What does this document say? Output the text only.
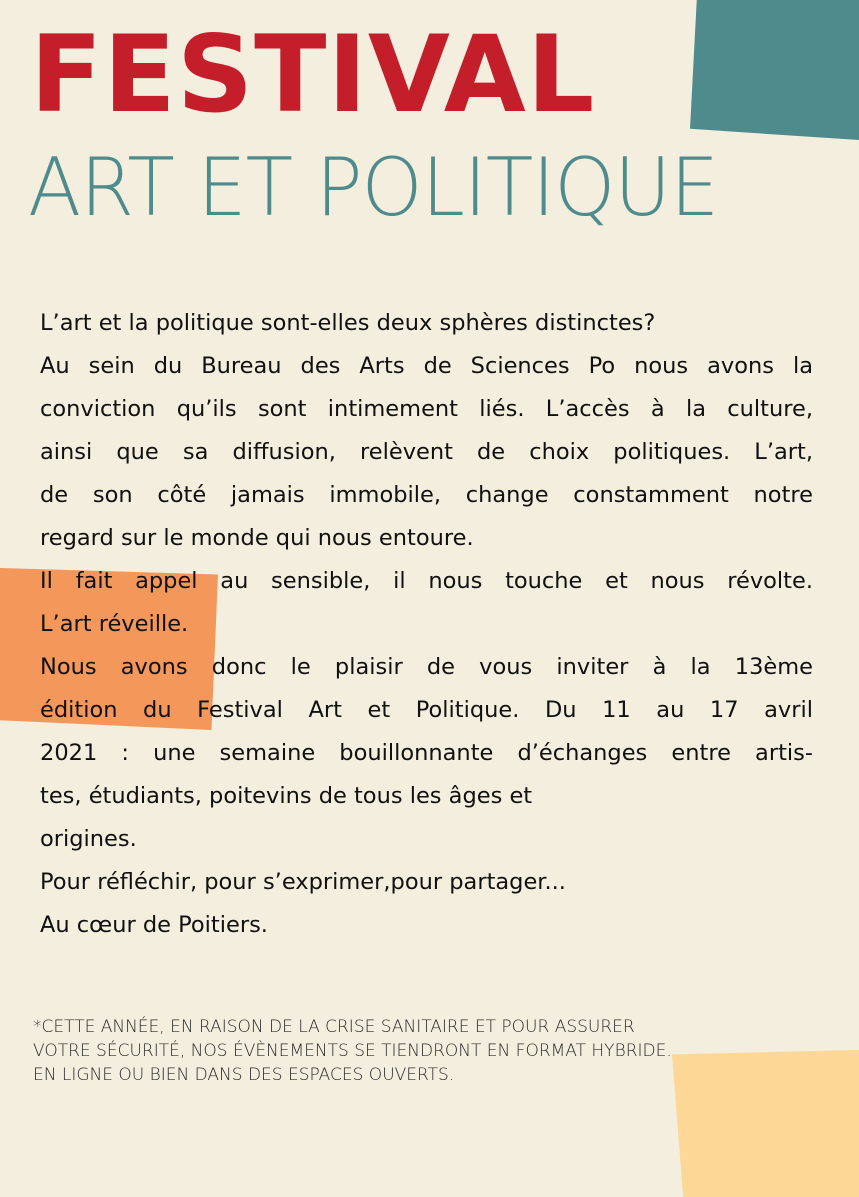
FESTIVAL
ART ET POLITIQUE

L’art et la politique sont-elles deux sphères distinctes?

Au sein du Bureau des Arts de Sciences Po nous avons la

conviction qu’ils sont intimement liés. L’accès à la culture,

ainsi que sa diffusion, relèvent de choix politiques. L’art,

de son côté jamais immobile, change constamment notre

regard sur le monde qui nous entoure.

Il fait appel au sensible, il nous touche et nous révolte.

L’art réveille.

Nous avons donc le plaisir de vous inviter à la 13ème

édition du Festival Art et Politique. Du 11 au 17 avril

2021 : une semaine bouillonnante d’échanges entre artis-

tes, étudiants, poitevins de tous les âges et

origines.

Pour réfléchir, pour s’exprimer,pour partager...

Au cœur de Poitiers.

*CETTE ANNÉE, EN RAISON DE LA CRISE SANITAIRE ET POUR ASSURER

VOTRE SÉCURITÉ, NOS ÉVÈNEMENTS SE TIENDRONT EN FORMAT HYBRIDE.

EN LIGNE OU BIEN DANS DES ESPACES OUVERTS.
